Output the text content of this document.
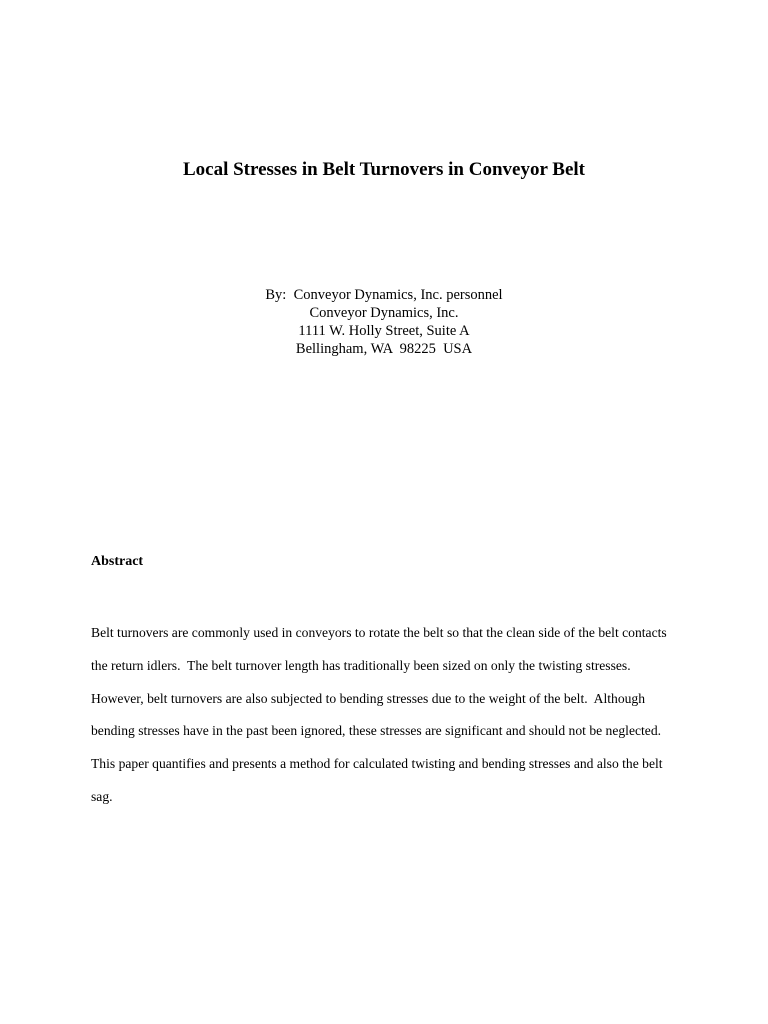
Local Stresses in Belt Turnovers in Conveyor Belt
By:  Conveyor Dynamics, Inc. personnel
Conveyor Dynamics, Inc.
1111 W. Holly Street, Suite A
Bellingham, WA  98225  USA
Abstract

Belt turnovers are commonly used in conveyors to rotate the belt so that the clean side of the belt contacts
the return idlers.  The belt turnover length has traditionally been sized on only the twisting stresses.
However, belt turnovers are also subjected to bending stresses due to the weight of the belt.  Although
bending stresses have in the past been ignored, these stresses are significant and should not be neglected.
This paper quantifies and presents a method for calculated twisting and bending stresses and also the belt
sag.
